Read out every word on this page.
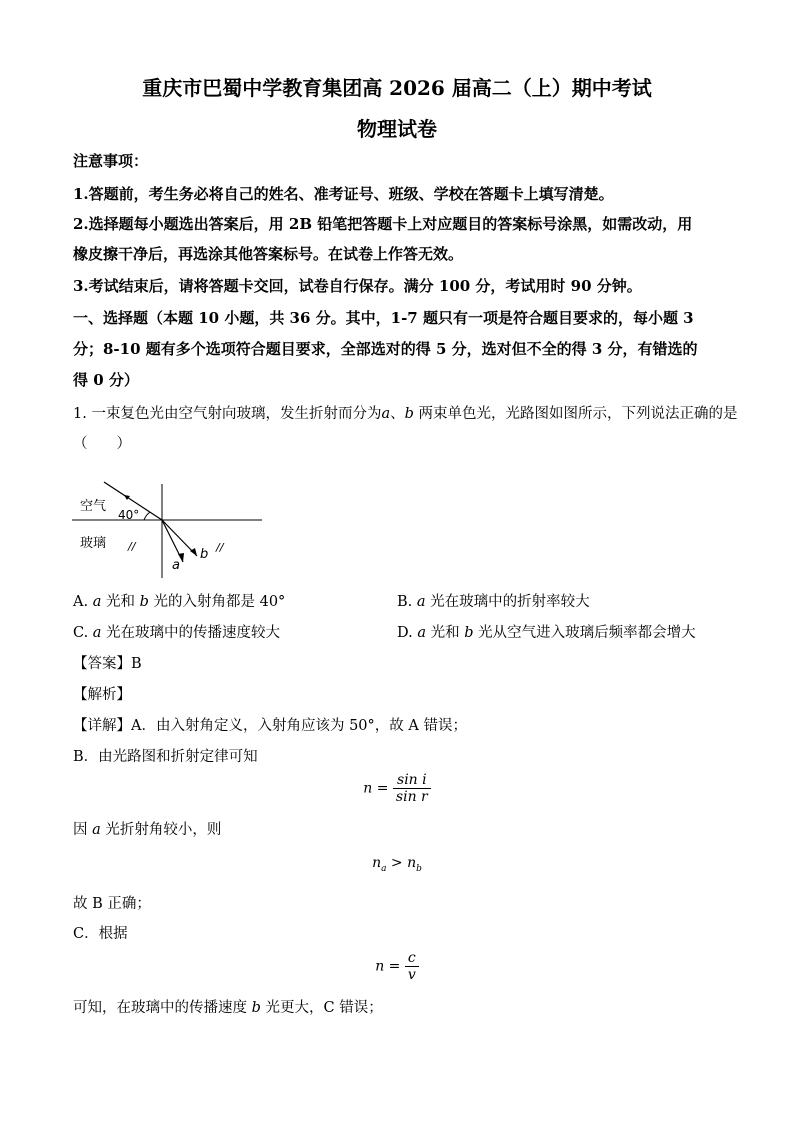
重庆市巴蜀中学教育集团高 2026 届高二（上）期中考试
物理试卷
注意事项：
1.答题前，考生务必将自己的姓名、准考证号、班级、学校在答题卡上填写清楚。
2.选择题每小题选出答案后，用 2B 铅笔把答题卡上对应题目的答案标号涂黑，如需改动，用
橡皮擦干净后，再选涂其他答案标号。在试卷上作答无效。
3.考试结束后，请将答题卡交回，试卷自行保存。满分 100 分，考试用时 90 分钟。
一、选择题（本题 10 小题，共 36 分。其中，1-7 题只有一项是符合题目要求的，每小题 3
分；8-10 题有多个选项符合题目要求，全部选对的得 5 分，选对但不全的得 3 分，有错选的
得 0 分）
1. 一束复色光由空气射向玻璃，发生折射而分为a、b 两束单色光，光路图如图所示，下列说法正确的是
（　　）
空气
40°
玻璃 //	//
a
b
A. a 光和 b 光的入射角都是 40°	B. a 光在玻璃中的折射率较大
C. a 光在玻璃中的传播速度较大	D. a 光和 b 光从空气进入玻璃后频率都会增大
【答案】B
【解析】
【详解】A．由入射角定义，入射角应该为 50°，故 A 错误；
B．由光路图和折射定律可知
$n = \frac{\text{sin i}}{\text{sin r}}$
因 a 光折射角较小，则
$n_a > n_b$
故 B 正确；
C．根据
$n = \frac{c}{v}$
可知，在玻璃中的传播速度 b 光更大，C 错误；
